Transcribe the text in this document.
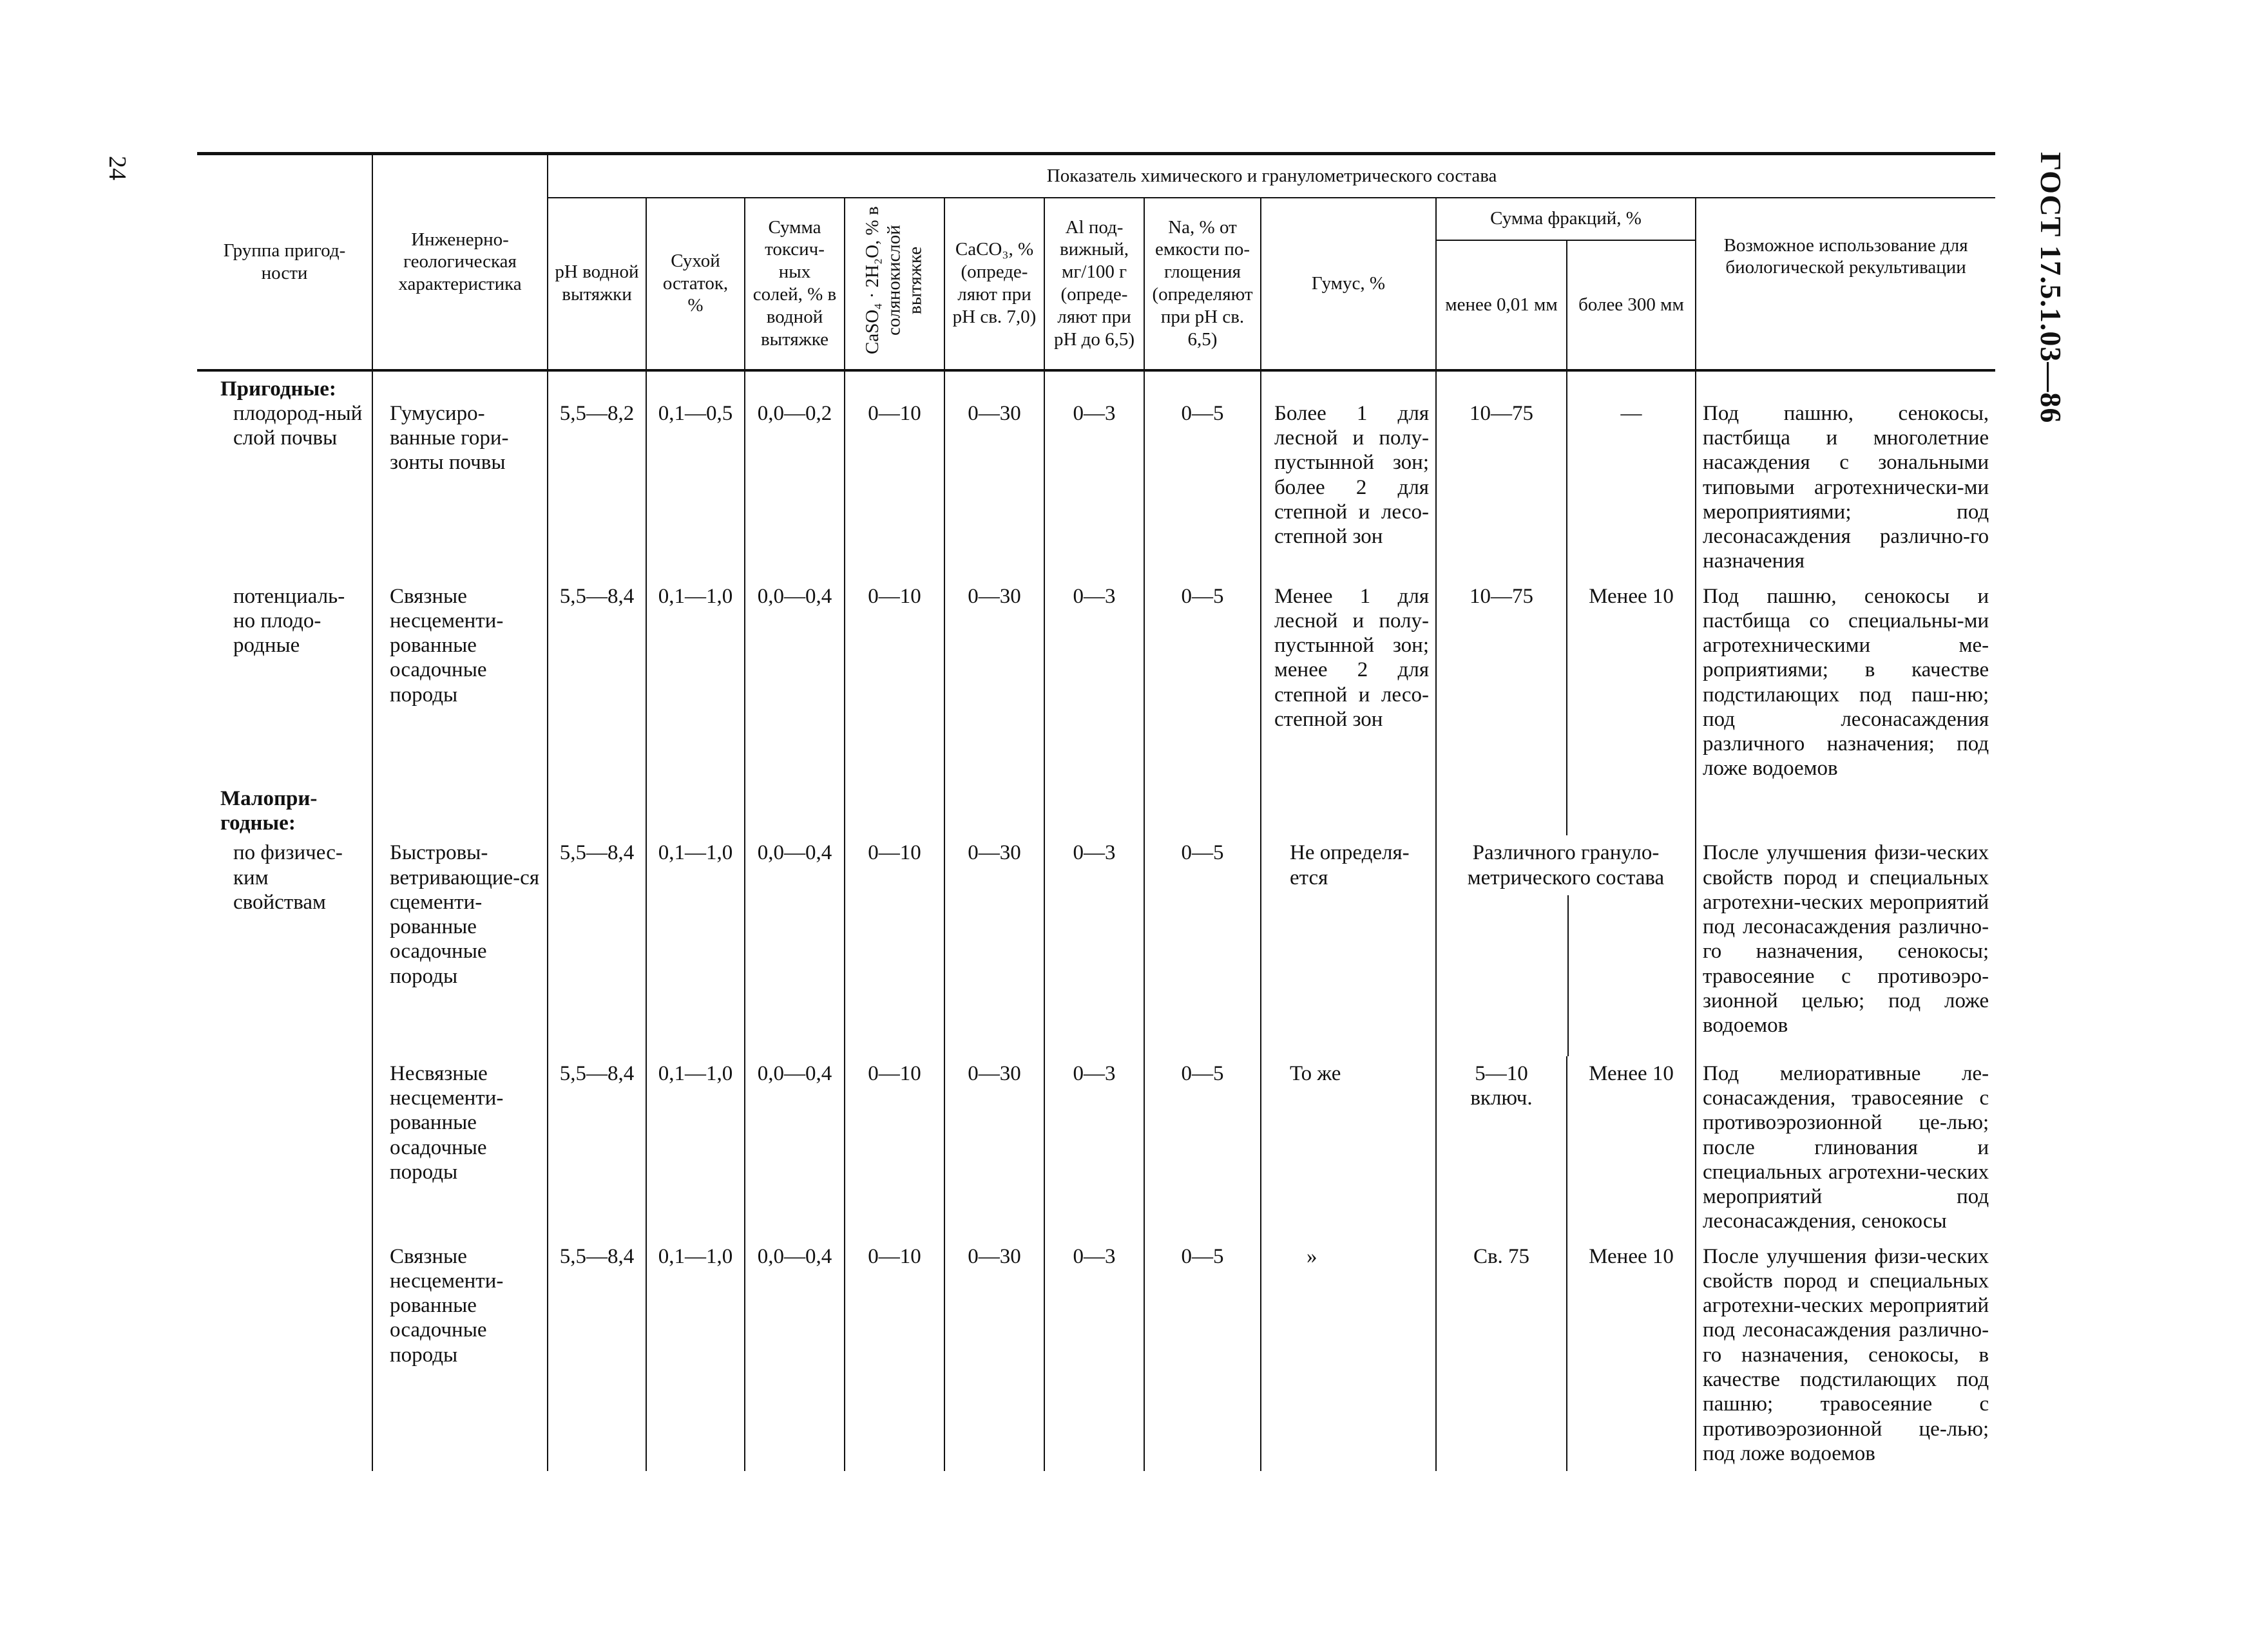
24	ГОСТ 17.5.1.03—86
Группа пригод-ности	Инженерно-геологическая характеристика	Показатель химического и гранулометрического состава										
		pH водной вытяжки	Сухой остаток, %	Сумма токсич-ных солей, % в водной вытяжке	CaSO₄ · 2H₂O, % в солянокислой вытяжке	CaCO₃, % (опреде-ляют при pH св. 7,0)	Al под-вижный, мг/100 г (опреде-ляют при pH до 6,5)	Na, % от емкости по-глощения (определяют при pH св. 6,5)	Гумус, %	Сумма фракций, %		Возможное использование для биологической рекультивации
										менее 0,01 мм	более 300 мм	
Пригодные:												

плодород-ный слой почвы	Гумусиро-ванные гори-зонты почвы	5,5—8,2	0,1—0,5	0,0—0,2	0—10	0—30	0—3	0—5	Более 1 для лесной и полу-пустынной зон; более 2 для степной и лесо-степной зон	10—75	—	Под пашню, сенокосы, пастбища и многолетние насаждения с зональными типовыми агротехнически-ми мероприятиями; под лесонасаждения различно-го назначения

потенциаль-но плодо-родные	Связные несцементи-рованные осадочные породы	5,5—8,4	0,1—1,0	0,0—0,4	0—10	0—30	0—3	0—5	Менее 1 для лесной и полу-пустынной зон; менее 2 для степной и лесо-степной зон	10—75	Менее 10	Под пашню, сенокосы и пастбища со специальны-ми агротехническими ме-роприятиями; в качестве подстилающих под паш-ню; под лесонасаждения различного назначения; под ложе водоемов

Малопри-годные:												

по физичес-ким свойствам	Быстровы-ветривающие-ся сцементи-рованные осадочные породы	5,5—8,4	0,1—1,0	0,0—0,4	0—10	0—30	0—3	0—5	Не определя-ется	Различного грануло-метрического состава		После улучшения физи-ческих свойств пород и специальных агротехни-ческих мероприятий под лесонасаждения различно-го назначения, сенокосы; травосеяние с противоэро-зионной целью; под ложе водоемов
	Несвязные несцементи-рованные осадочные породы	5,5—8,4	0,1—1,0	0,0—0,4	0—10	0—30	0—3	0—5	То же	5—10 включ.	Менее 10	Под мелиоративные ле-сонасаждения, травосеяние с противоэрозионной це-лью; после глинования и специальных агротехни-ческих мероприятий под лесонасаждения, сенокосы
	Связные несцементи-рованные осадочные породы	5,5—8,4	0,1—1,0	0,0—0,4	0—10	0—30	0—3	0—5	»	Св. 75	Менее 10	После улучшения физи-ческих свойств пород и специальных агротехни-ческих мероприятий под лесонасаждения различно-го назначения, сенокосы, в качестве подстилающих под пашню; травосеяние с противоэрозионной це-лью; под ложе водоемов
